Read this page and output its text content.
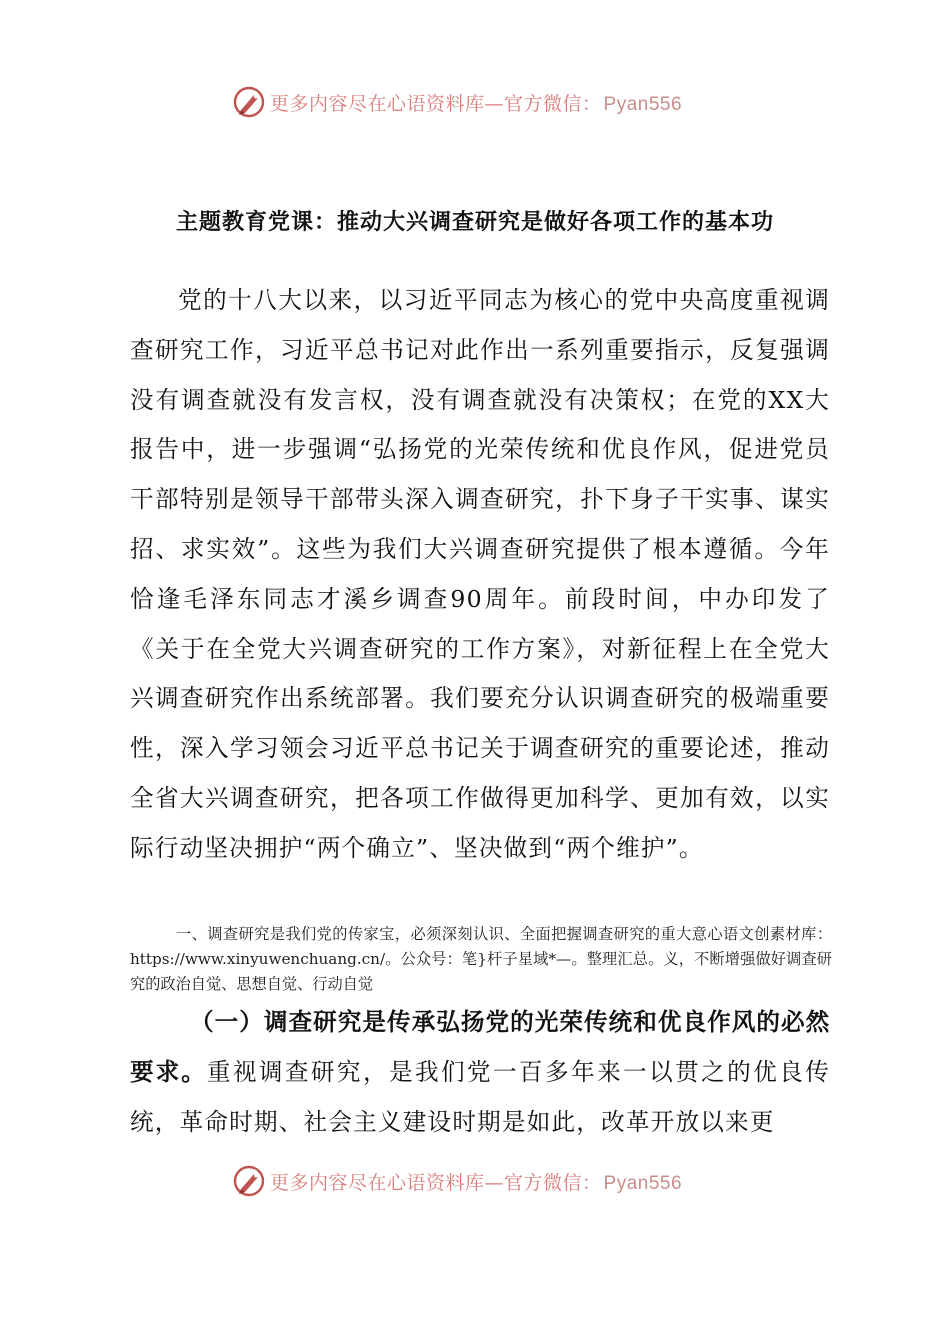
更多内容尽在心语资料库—官方微信： Pyan556
主题教育党课：推动大兴调查研究是做好各项工作的基本功

党的十八大以来，以习近平同志为核心的党中央高度重视调查研究工作，习近平总书记对此作出一系列重要指示，反复强调没有调查就没有发言权，没有调查就没有决策权；在党的XX大报告中，进一步强调“弘扬党的光荣传统和优良作风，促进党员干部特别是领导干部带头深入调查研究，扑下身子干实事、谋实招、求实效”。这些为我们大兴调查研究提供了根本遵循。今年恰逢毛泽东同志才溪乡调查90周年。前段时间，中办印发了《关于在全党大兴调查研究的工作方案》，对新征程上在全党大兴调查研究作出系统部署。我们要充分认识调查研究的极端重要性，深入学习领会习近平总书记关于调查研究的重要论述，推动全省大兴调查研究，把各项工作做得更加科学、更加有效，以实际行动坚决拥护“两个确立”、坚决做到“两个维护”。

一、调查研究是我们党的传家宝，必须深刻认识、全面把握调查研究的重大意心语文创素材库：https://www.xinyuwenchuang.cn/。公众号：笔}杆子星域*—。整理汇总。义，不断增强做好调查研究的政治自觉、思想自觉、行动自觉

（一）调查研究是传承弘扬党的光荣传统和优良作风的必然要求。重视调查研究，是我们党一百多年来一以贯之的优良传统，革命时期、社会主义建设时期是如此，改革开放以来更

更多内容尽在心语资料库—官方微信： Pyan556
